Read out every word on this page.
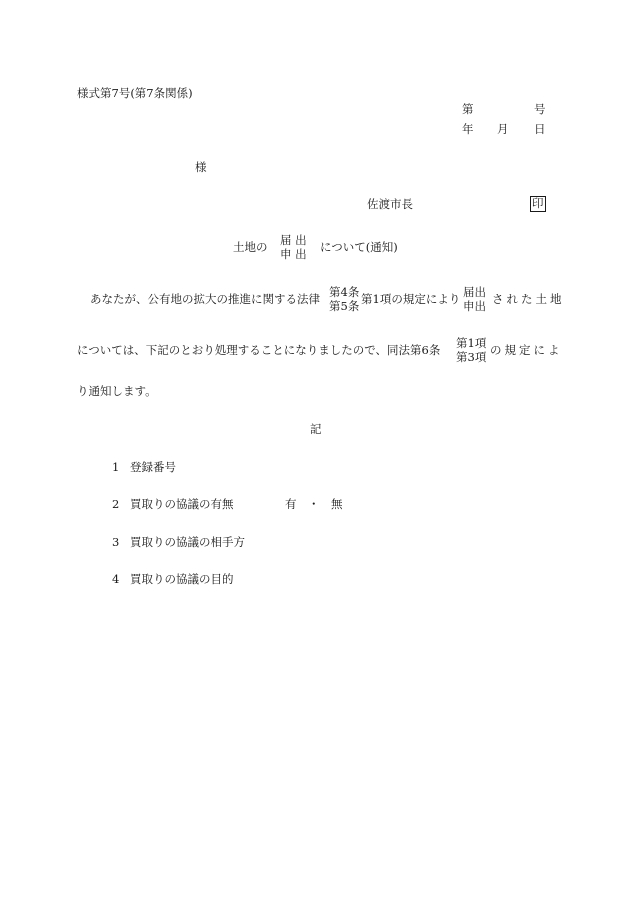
様式第7号(第7条関係)
第	号
年 月 日
様
佐渡市長	印
土地の 届 出
申 出
について(通知)
あなたが、公有地の拡大の推進に関する法律 第4条
第5条
第1項の規定により 届出
申出
された土地
については、下記のとおり処理することになりましたので、同法第6条 第1項
第3項
の規定によ
り通知します。
記
1 登録番号
2 買取りの協議の有無	有　・　無
3 買取りの協議の相手方
4 買取りの協議の目的
